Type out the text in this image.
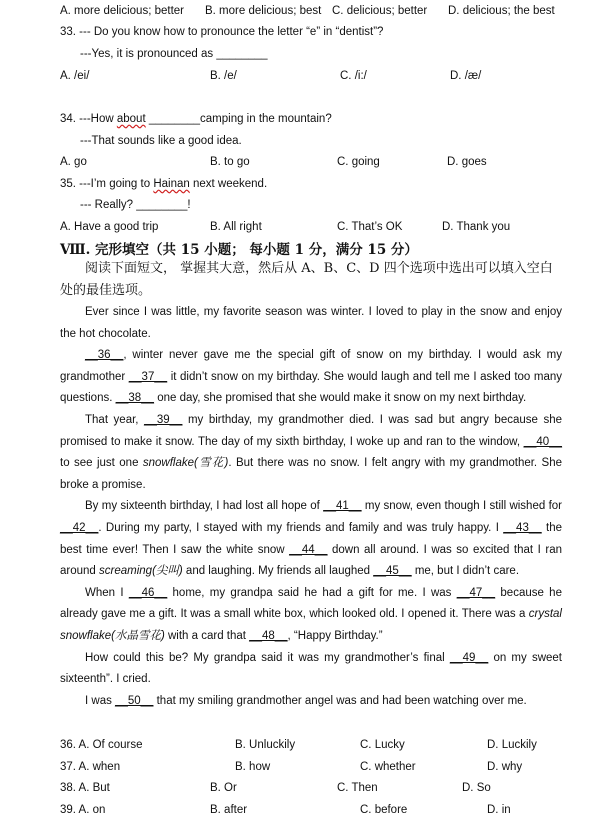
A. more delicious; better B. more delicious; best C. delicious; better D. delicious; the best
33. --- Do you know how to pronounce the letter “e” in “dentist”?
---Yes, it is pronounced as ________
A. /ei/	B. /e/	C. /i:/	D. /æ/
34. ---How about ________camping in the mountain?
---That sounds like a good idea.
A. go	B. to go	C. going	D. goes
35. ---I’m going to Hainan next weekend.
--- Really? ________!
A. Have a good trip	B. All right	C. That’s OK	D. Thank you
Ⅷ. 完形填空（共 15 小题； 每小题 1 分，满分 15 分）
阅读下面短文， 掌握其大意，然后从 A、B、C、D 四个选项中选出可以填入空白处的最佳选项。

Ever since I was little, my favorite season was winter. I loved to play in the snow and enjoy the hot chocolate.

__36__, winter never gave me the special gift of snow on my birthday. I would ask my grandmother __37__ it didn’t snow on my birthday. She would laugh and tell me I asked too many questions. __38__ one day, she promised that she would make it snow on my next birthday.

That year, __39__ my birthday, my grandmother died. I was sad but angry because she promised to make it snow. The day of my sixth birthday, I woke up and ran to the window, __40__ to see just one snowflake(雪花). But there was no snow. I felt angry with my grandmother. She broke a promise.

By my sixteenth birthday, I had lost all hope of __41__ my snow, even though I still wished for __42__. During my party, I stayed with my friends and family and was truly happy. I __43__ the best time ever! Then I saw the white snow __44__ down all around. I was so excited that I ran around screaming(尖叫) and laughing. My friends all laughed __45__ me, but I didn’t care.

When I __46__ home, my grandpa said he had a gift for me. I was __47__ because he already gave me a gift. It was a small white box, which looked old. I opened it. There was a crystal snowflake(水晶雪花) with a card that __48__, “Happy Birthday.”

How could this be? My grandpa said it was my grandmother’s final __49__ on my sweet sixteenth”. I cried.

I was __50__ that my smiling grandmother angel was and had been watching over me.

36. A. Of course	B. Unluckily	C. Lucky	D. Luckily
37. A. when	B. how	C. whether	D. why
38. A. But	B. Or	C. Then	D. So
39. A. on	B. after	C. before	D. in
